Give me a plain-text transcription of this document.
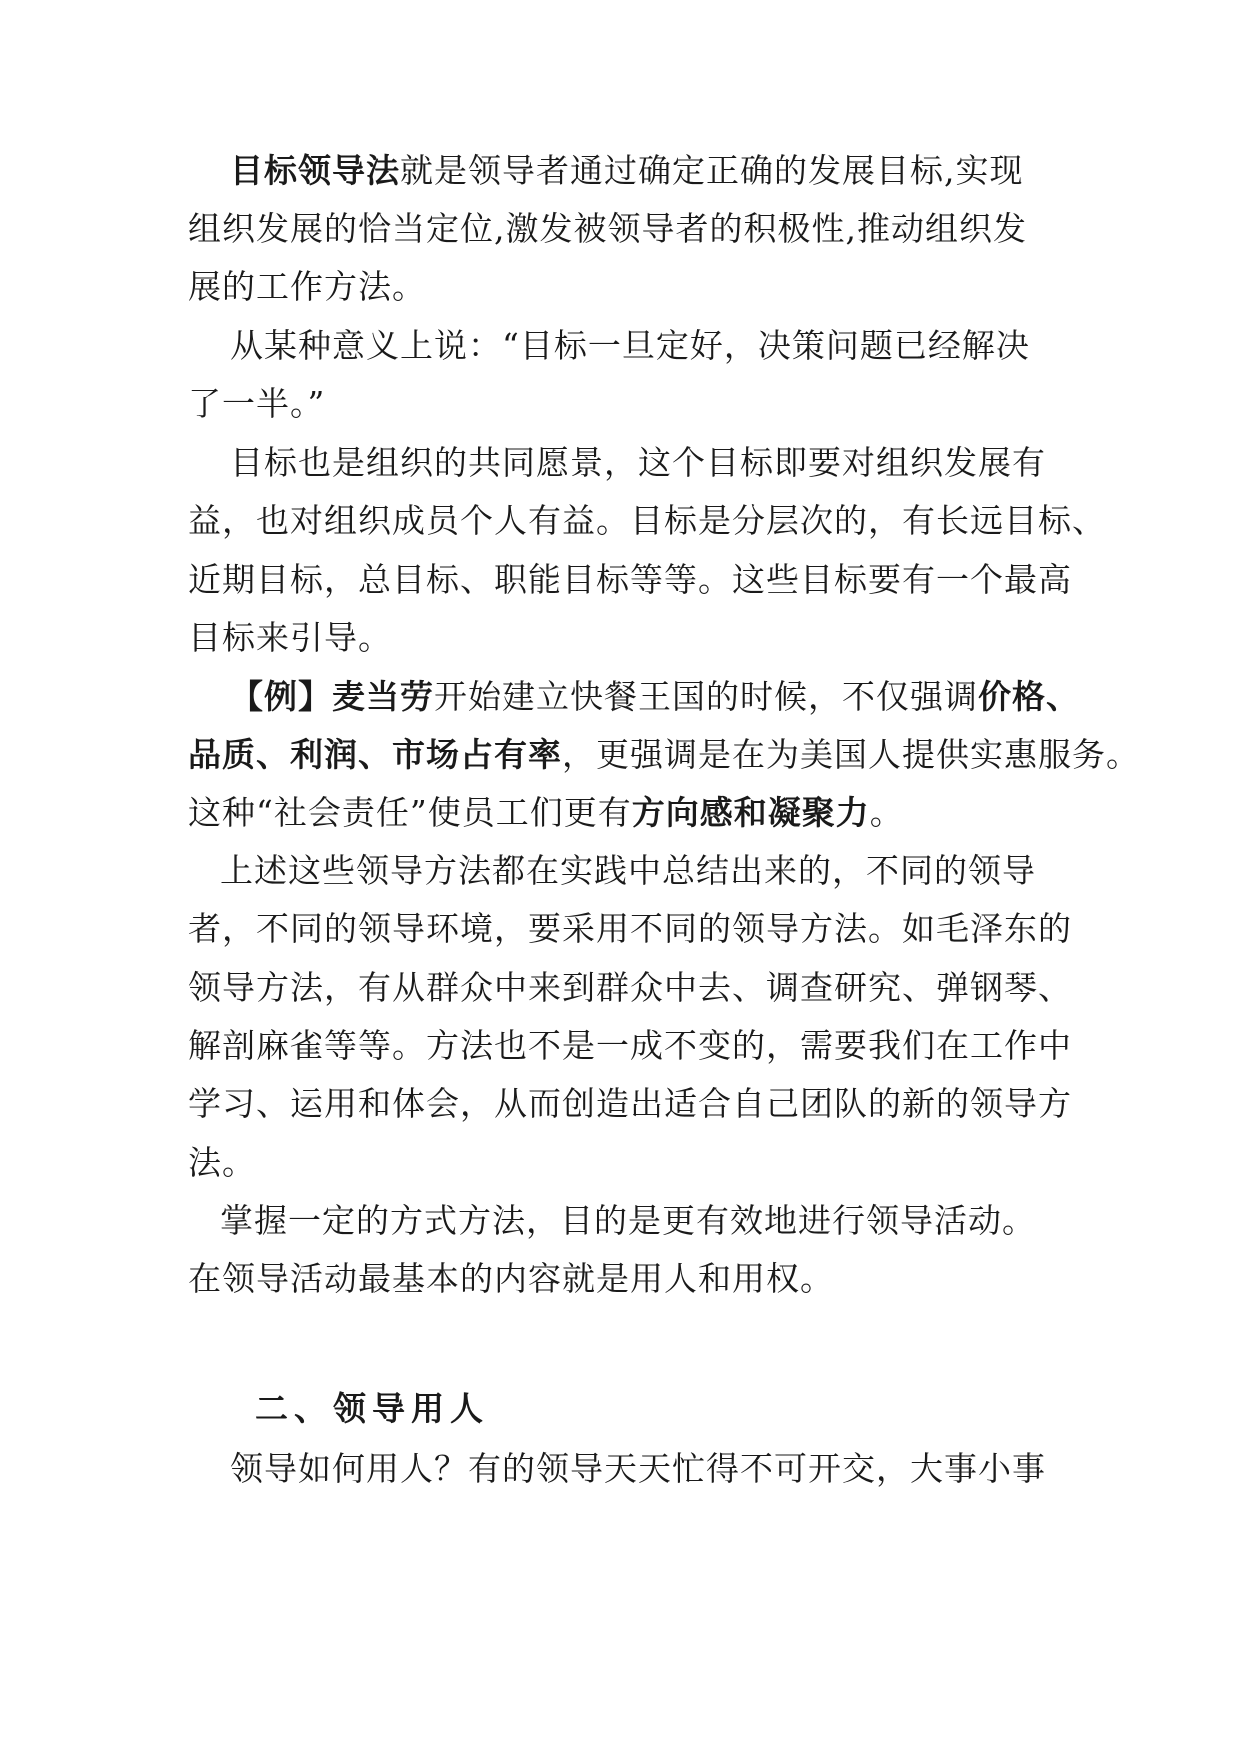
目标领导法就是领导者通过确定正确的发展目标,实现
组织发展的恰当定位,激发被领导者的积极性,推动组织发
展的工作方法。
从某种意义上说：“目标一旦定好，决策问题已经解决
了一半。”
目标也是组织的共同愿景，这个目标即要对组织发展有
益，也对组织成员个人有益。目标是分层次的，有长远目标、
近期目标，总目标、职能目标等等。这些目标要有一个最高
目标来引导。
【例】麦当劳开始建立快餐王国的时候，不仅强调价格、
品质、利润、市场占有率，更强调是在为美国人提供实惠服务。
这种“社会责任”使员工们更有方向感和凝聚力。
上述这些领导方法都在实践中总结出来的，不同的领导
者，不同的领导环境，要采用不同的领导方法。如毛泽东的
领导方法，有从群众中来到群众中去、调查研究、弹钢琴、
解剖麻雀等等。方法也不是一成不变的，需要我们在工作中
学习、运用和体会，从而创造出适合自己团队的新的领导方
法。
掌握一定的方式方法，目的是更有效地进行领导活动。
在领导活动最基本的内容就是用人和用权。
二、领导用人
领导如何用人？有的领导天天忙得不可开交，大事小事
